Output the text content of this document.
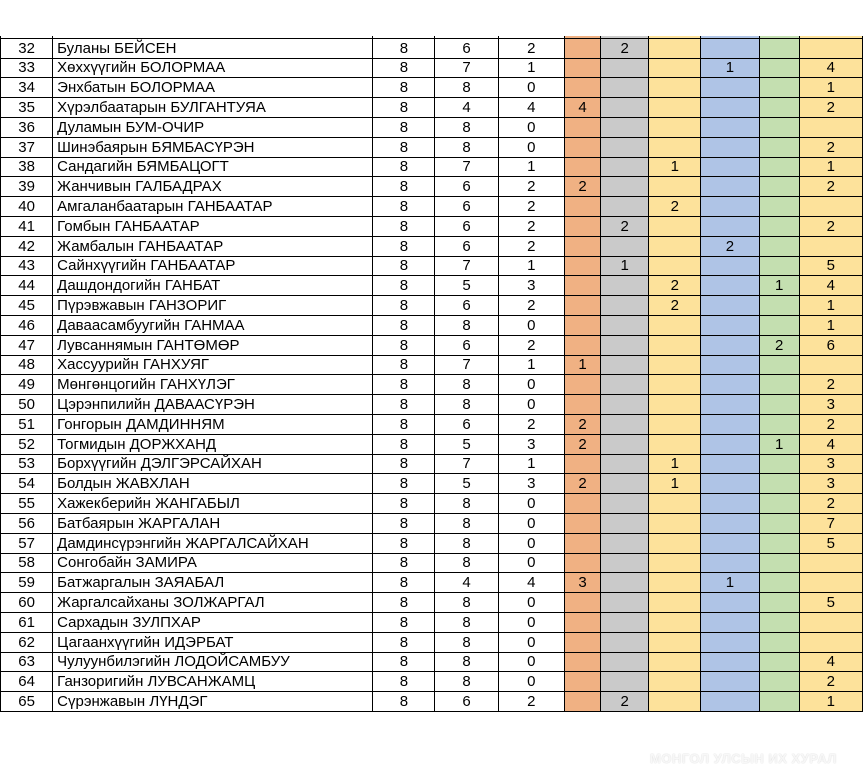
32	Буланы БЕЙСЕН	8	6	2		2				
33	Хөххүүгийн БОЛОРМАА	8	7	1				1		4
34	Энхбатын БОЛОРМАА	8	8	0						1
35	Хүрэлбаатарын БУЛГАНТУЯА	8	4	4	4					2
36	Дуламын БУМ-ОЧИР	8	8	0						
37	Шинэбаярын БЯМБАСҮРЭН	8	8	0						2
38	Сандагийн БЯМБАЦОГТ	8	7	1			1			1
39	Жанчивын ГАЛБАДРАХ	8	6	2	2					2
40	Амгаланбаатарын ГАНБААТАР	8	6	2			2			
41	Гомбын ГАНБААТАР	8	6	2		2				2
42	Жамбалын ГАНБААТАР	8	6	2				2		
43	Сайнхүүгийн ГАНБААТАР	8	7	1		1				5
44	Дашдондогийн ГАНБАТ	8	5	3			2		1	4
45	Пүрэвжавын ГАНЗОРИГ	8	6	2			2			1
46	Даваасамбуугийн ГАНМАА	8	8	0						1
47	Лувсаннямын ГАНТӨМӨР	8	6	2					2	6
48	Хассуурийн ГАНХУЯГ	8	7	1	1					
49	Мөнгөнцогийн ГАНХҮЛЭГ	8	8	0						2
50	Цэрэнпилийн ДАВААСҮРЭН	8	8	0						3
51	Гонгорын ДАМДИННЯМ	8	6	2	2					2
52	Тогмидын ДОРЖХАНД	8	5	3	2				1	4
53	Борхүүгийн ДЭЛГЭРСАЙХАН	8	7	1			1			3
54	Болдын ЖАВХЛАН	8	5	3	2		1			3
55	Хажекберийн ЖАНГАБЫЛ	8	8	0						2
56	Батбаярын ЖАРГАЛАН	8	8	0						7
57	Дамдинсүрэнгийн ЖАРГАЛСАЙХАН	8	8	0						5
58	Сонгобайн ЗАМИРА	8	8	0						
59	Батжаргалын ЗАЯАБАЛ	8	4	4	3			1		
60	Жаргалсайханы ЗОЛЖАРГАЛ	8	8	0						5
61	Сархадын ЗУЛПХАР	8	8	0						
62	Цагаанхүүгийн ИДЭРБАТ	8	8	0						
63	Чулуунбилэгийн ЛОДОЙСАМБУУ	8	8	0						4
64	Ганзоригийн ЛУВСАНЖАМЦ	8	8	0						2
65	Сүрэнжавын ЛҮНДЭГ	8	6	2		2				1
МОНГОЛ УЛСЫН ИХ ХУРАЛ
